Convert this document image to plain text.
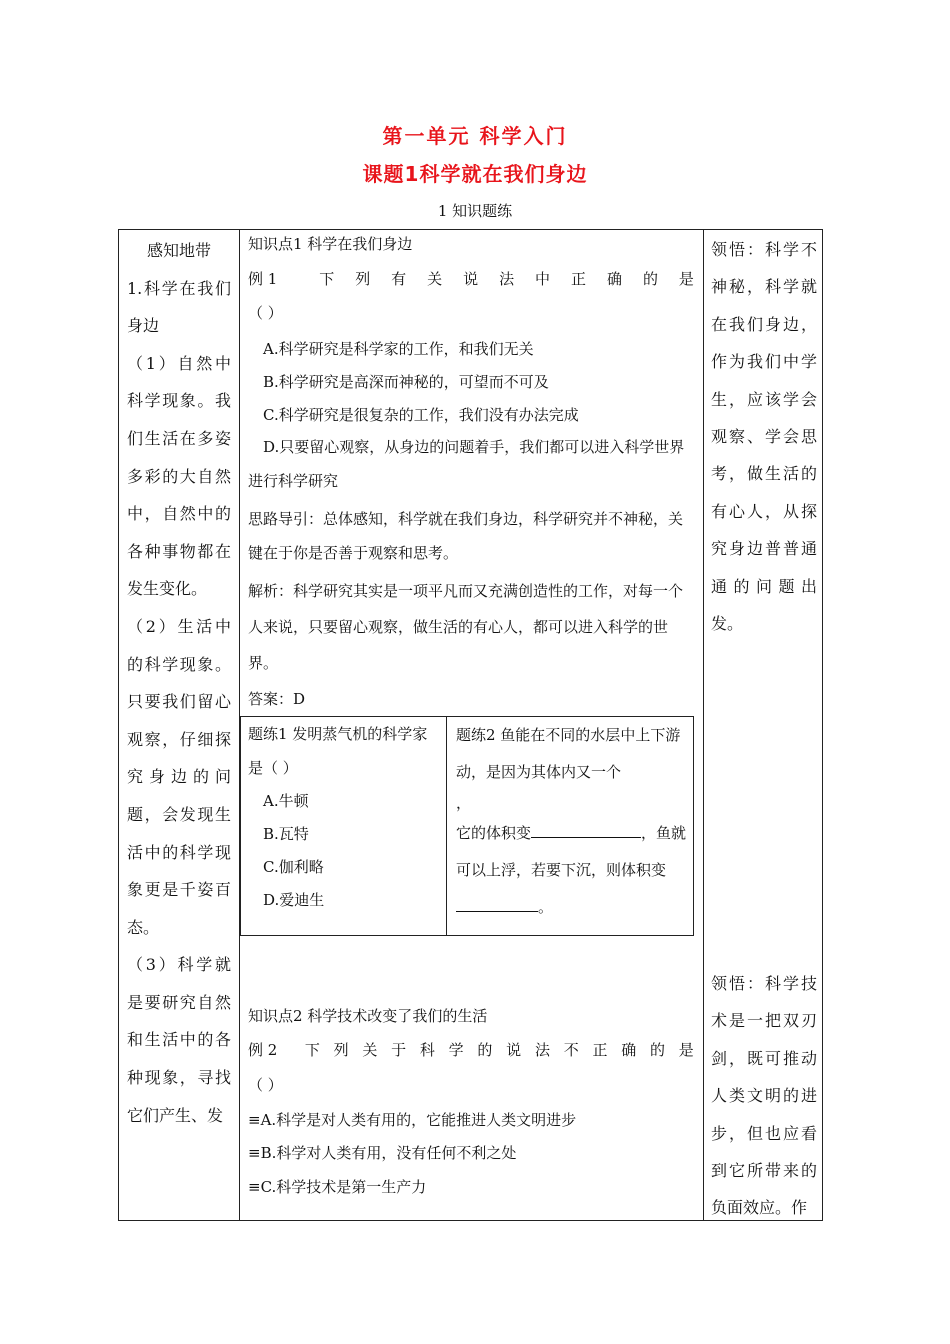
第一单元 科学入门
课题1科学就在我们身边
1 知识题练

感知地带

1.科学在我们身边

（1）自然中科学现象。我们生活在多姿多彩的大自然中，自然中的各种事物都在发生变化。

（2）生活中的科学现象。只要我们留心观察，仔细探究身边的问题，会发现生活中的科学现象更是千姿百态。

（3）科学就是要研究自然和生活中的各种现象，寻找它们产生、发

知识点1 科学在我们身边
例 1	下 列 有 关 说 法 中 正 确 的 是
（ ）
A.科学研究是科学家的工作，和我们无关
B.科学研究是高深而神秘的，可望而不可及
C.科学研究是很复杂的工作，我们没有办法完成
D.只要留心观察，从身边的问题着手，我们都可以进入科学世界进行科学研究
思路导引：总体感知，科学就在我们身边，科学研究并不神秘，关键在于你是否善于观察和思考。
解析：科学研究其实是一项平凡而又充满创造性的工作，对每一个人来说，只要留心观察，做生活的有心人，都可以进入科学的世界。
答案：D
题练1 发明蒸气机的科学家是（ ）
A.牛顿
B.瓦特
C.伽利略
D.爱迪生
题练2 鱼能在不同的水层中上下游动，是因为其体内又一个
，
它的体积变	，鱼就可以上浮，若要下沉，则体积变。
知识点2 科学技术改变了我们的生活
例 2 下 列 关 于 科 学 的 说 法 不 正 确 的 是
（ ）
≡A.科学是对人类有用的，它能推进人类文明进步
≡B.科学对人类有用，没有任何不利之处
≡C.科学技术是第一生产力
领悟：科学不神秘，科学就在我们身边，作为我们中学生，应该学会观察、学会思考，做生活的有心人，从探究身边普普通通的问题出发。
领悟：科学技术是一把双刃剑，既可推动人类文明的进步，但也应看到它所带来的负面效应。作
